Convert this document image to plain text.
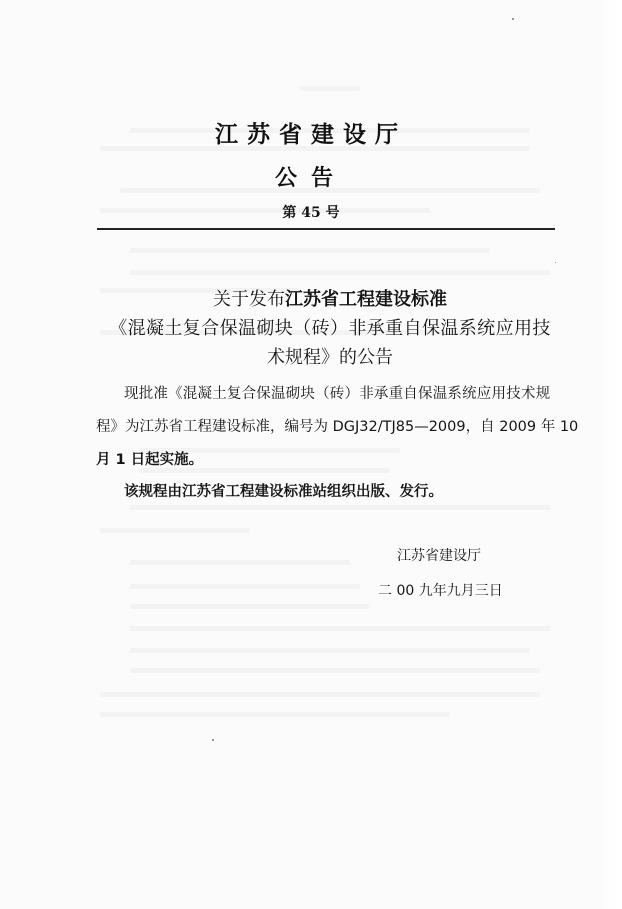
江苏省建设厅
公告
第 45 号
关于发布江苏省工程建设标准
《混凝土复合保温砌块（砖）非承重自保温系统应用技
术规程》的公告
现批准《混凝土复合保温砌块（砖）非承重自保温系统应用技术规
程》为江苏省工程建设标准，编号为 DGJ32/TJ85—2009，自 2009 年 10
月 1 日起实施。
该规程由江苏省工程建设标准站组织出版、发行。
江苏省建设厅
二 00 九年九月三日
